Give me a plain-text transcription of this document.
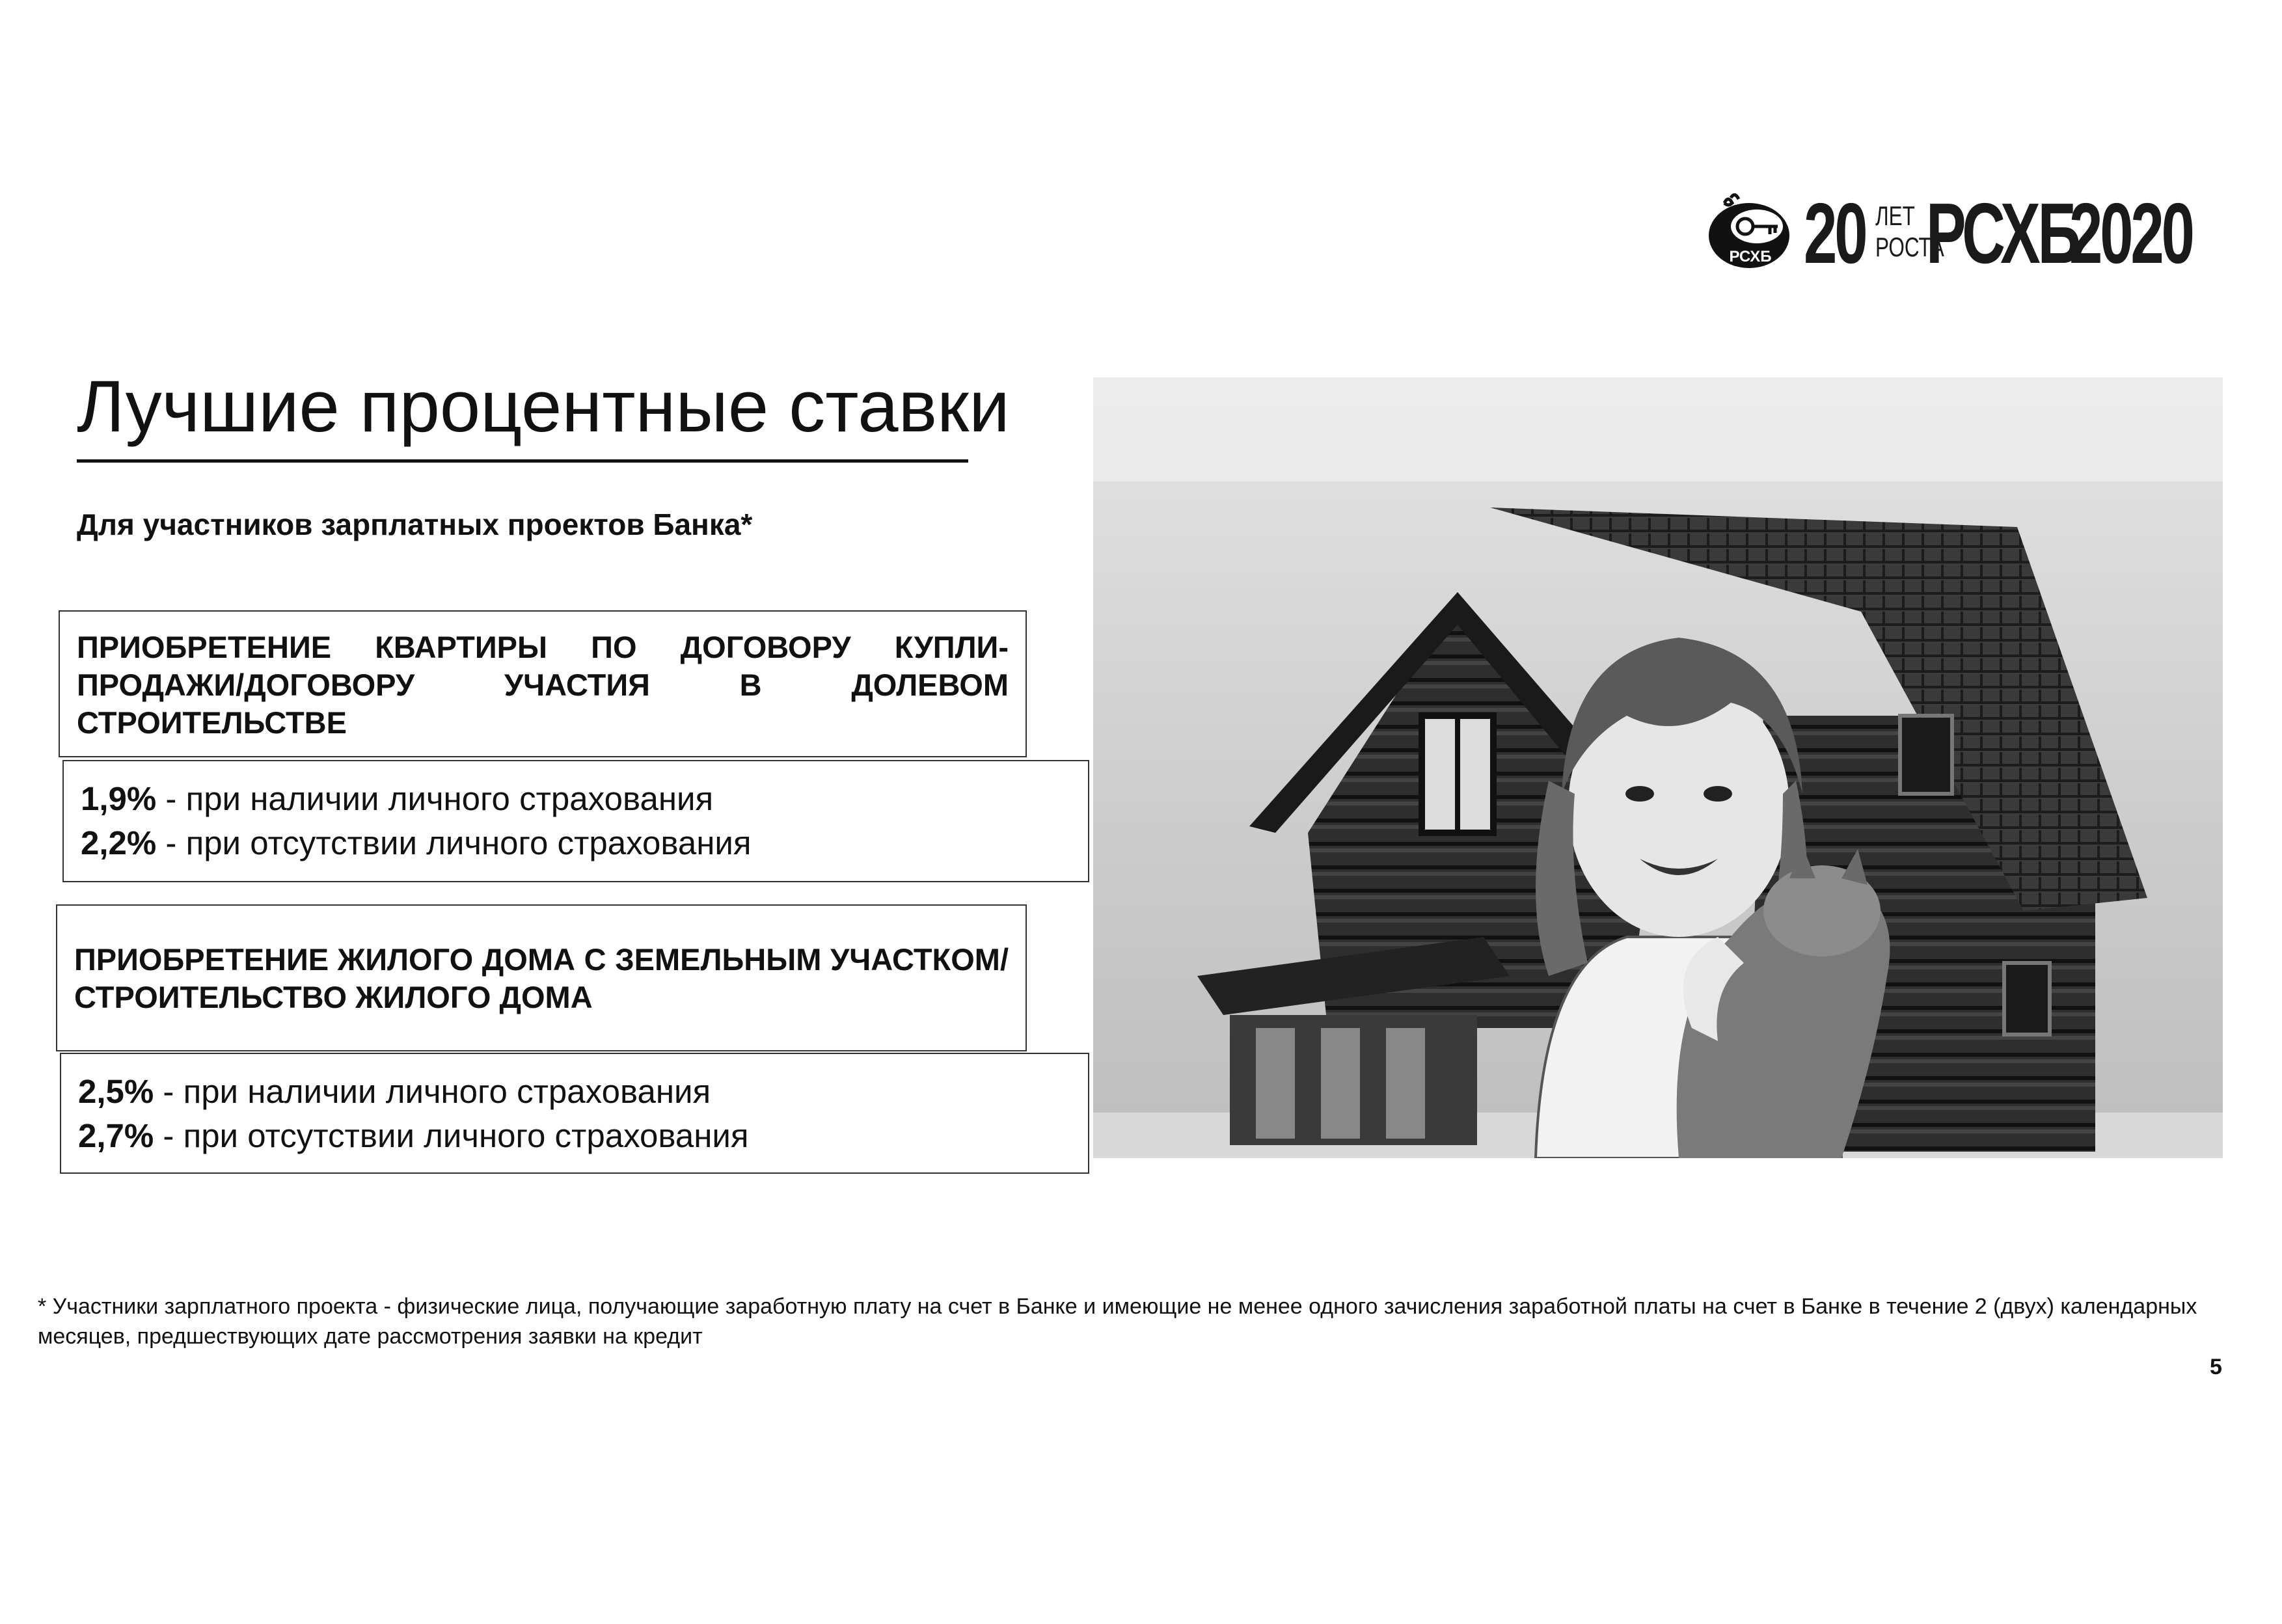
РСХБ 20 ЛЕТ
РОСТА
РСХБ
2020
Лучшие процентные ставки
Для участников зарплатных проектов Банка*
ПРИОБРЕТЕНИЕ КВАРТИРЫ ПО ДОГОВОРУ КУПЛИ-ПРОДАЖИ/ДОГОВОРУ УЧАСТИЯ В ДОЛЕВОМ СТРОИТЕЛЬСТВЕ
1,9% - при наличии личного страхования
2,2% - при отсутствии личного страхования
ПРИОБРЕТЕНИЕ ЖИЛОГО ДОМА С ЗЕМЕЛЬНЫМ УЧАСТКОМ/СТРОИТЕЛЬСТВО ЖИЛОГО ДОМА
2,5% - при наличии личного страхования
2,7% - при отсутствии личного страхования
* Участники зарплатного проекта - физические лица, получающие заработную плату на счет в Банке и имеющие не менее одного зачисления заработной платы на счет в Банке в течение 2 (двух) календарных месяцев, предшествующих дате рассмотрения заявки на кредит
5
